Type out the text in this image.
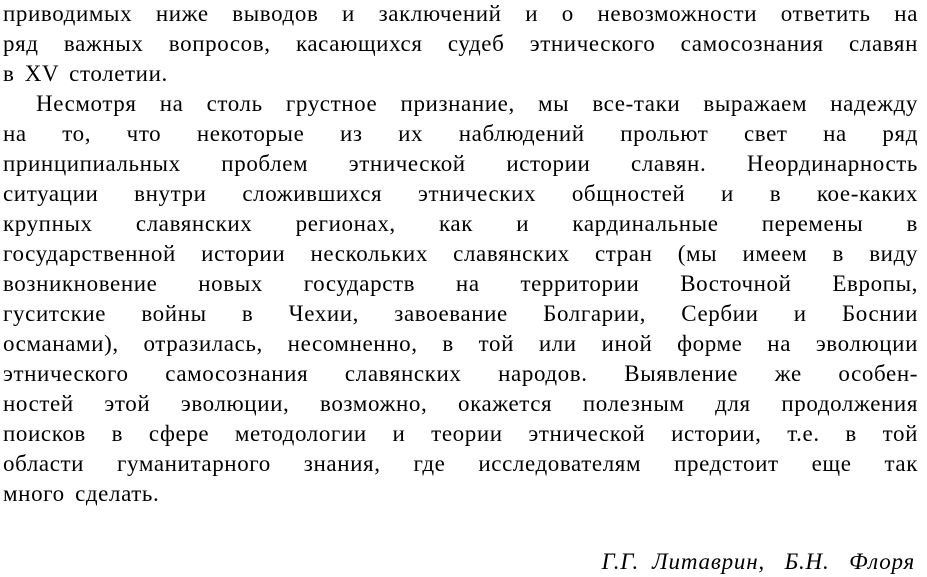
приводимых ниже выводов и заключений и о невозможности ответить на
ряд важных вопросов, касающихся судеб этнического самосознания славян
в XV столетии.
Несмотря на столь грустное признание, мы все-таки выражаем надежду
на то, что некоторые из их наблюдений прольют свет на ряд
принципиальных проблем этнической истории славян. Неординарность
ситуации внутри сложившихся этнических общностей и в кое-каких
крупных славянских регионах, как и кардинальные перемены в
государственной истории нескольких славянских стран (мы имеем в виду
возникновение новых государств на территории Восточной Европы,
гуситские войны в Чехии, завоевание Болгарии, Сербии и Боснии
османами), отразилась, несомненно, в той или иной форме на эволюции
этнического самосознания славянских народов. Выявление же особен-
ностей этой эволюции, возможно, окажется полезным для продолжения
поисков в сфере методологии и теории этнической истории, т.е. в той
области гуманитарного знания, где исследователям предстоит еще так
много сделать.
Г.Г.  Литаврин,   Б.Н.   Флоря
